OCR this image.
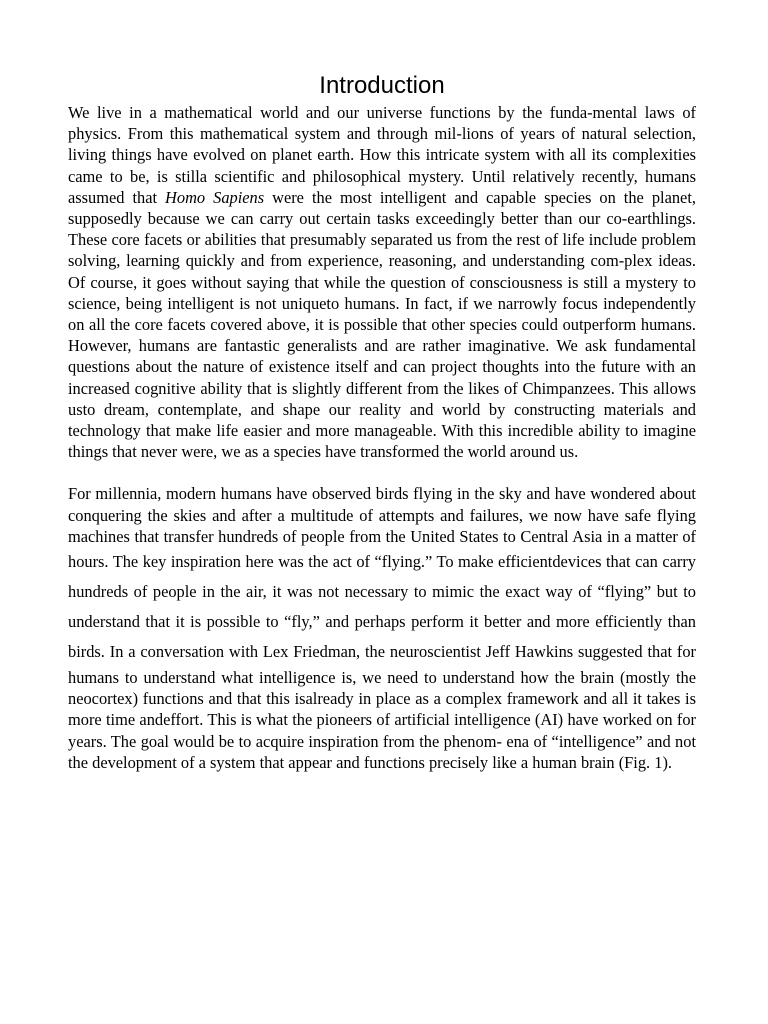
Introduction

We live in a mathematical world and our universe functions by the funda-mental laws of physics. From this mathematical system and through mil-lions of years of natural selection, living things have evolved on planet earth. How this intricate system with all its complexities came to be, is stilla scientific and philosophical mystery. Until relatively recently, humans assumed that Homo Sapiens were the most intelligent and capable species on the planet, supposedly because we can carry out certain tasks exceedingly better than our co-earthlings. These core facets or abilities that presumably separated us from the rest of life include problem solving, learning quickly and from experience, reasoning, and understanding com-plex ideas. Of course, it goes without saying that while the question of consciousness is still a mystery to science, being intelligent is not uniqueto humans. In fact, if we narrowly focus independently on all the core facets covered above, it is possible that other species could outperform humans. However, humans are fantastic generalists and are rather imaginative. We ask fundamental questions about the nature of existence itself and can project thoughts into the future with an increased cognitive ability that is slightly different from the likes of Chimpanzees. This allows usto dream, contemplate, and shape our reality and world by constructing materials and technology that make life easier and more manageable. With this incredible ability to imagine things that never were, we as a species have transformed the world around us.

For millennia, modern humans have observed birds flying in the sky and have wondered about conquering the skies and after a multitude of attempts and failures, we now have safe flying machines that transfer hundreds of people from the United States to Central Asia in a matter of hours. The key inspiration here was the act of “flying.” To make efficientdevices that can carry hundreds of people in the air, it was not necessary to mimic the exact way of “flying” but to understand that it is possible to “fly,” and perhaps perform it better and more efficiently than birds. In a conversation with Lex Friedman, the neuroscientist Jeff Hawkins suggested that for humans to understand what intelligence is, we need to understand how the brain (mostly the neocortex) functions and that this isalready in place as a complex framework and all it takes is more time andeffort. This is what the pioneers of artificial intelligence (AI) have worked on for years. The goal would be to acquire inspiration from the phenom- ena of “intelligence” and not the development of a system that appear and functions precisely like a human brain (Fig. 1).
